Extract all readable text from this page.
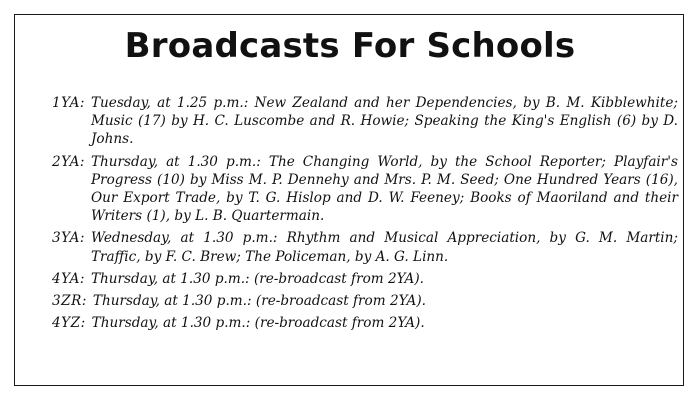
Broadcasts For Schools
1YA: Tuesday, at 1.25 p.m.: New Zealand and her Dependencies, by B. M. Kibblewhite; Music (17) by H. C. Luscombe and R. Howie; Speaking the King's English (6) by D. Johns.
2YA: Thursday, at 1.30 p.m.: The Changing World, by the School Reporter; Playfair's Progress (10) by Miss M. P. Dennehy and Mrs. P. M. Seed; One Hundred Years (16), Our Export Trade, by T. G. Hislop and D. W. Feeney; Books of Maoriland and their Writers (1), by L. B. Quartermain.
3YA: Wednesday, at 1.30 p.m.: Rhythm and Musical Appreciation, by G. M. Martin; Traffic, by F. C. Brew; The Policeman, by A. G. Linn.
4YA: Thursday, at 1.30 p.m.: (re-broadcast from 2YA).
3ZR: Thursday, at 1.30 p.m.: (re-broadcast from 2YA).
4YZ: Thursday, at 1.30 p.m.: (re-broadcast from 2YA).
